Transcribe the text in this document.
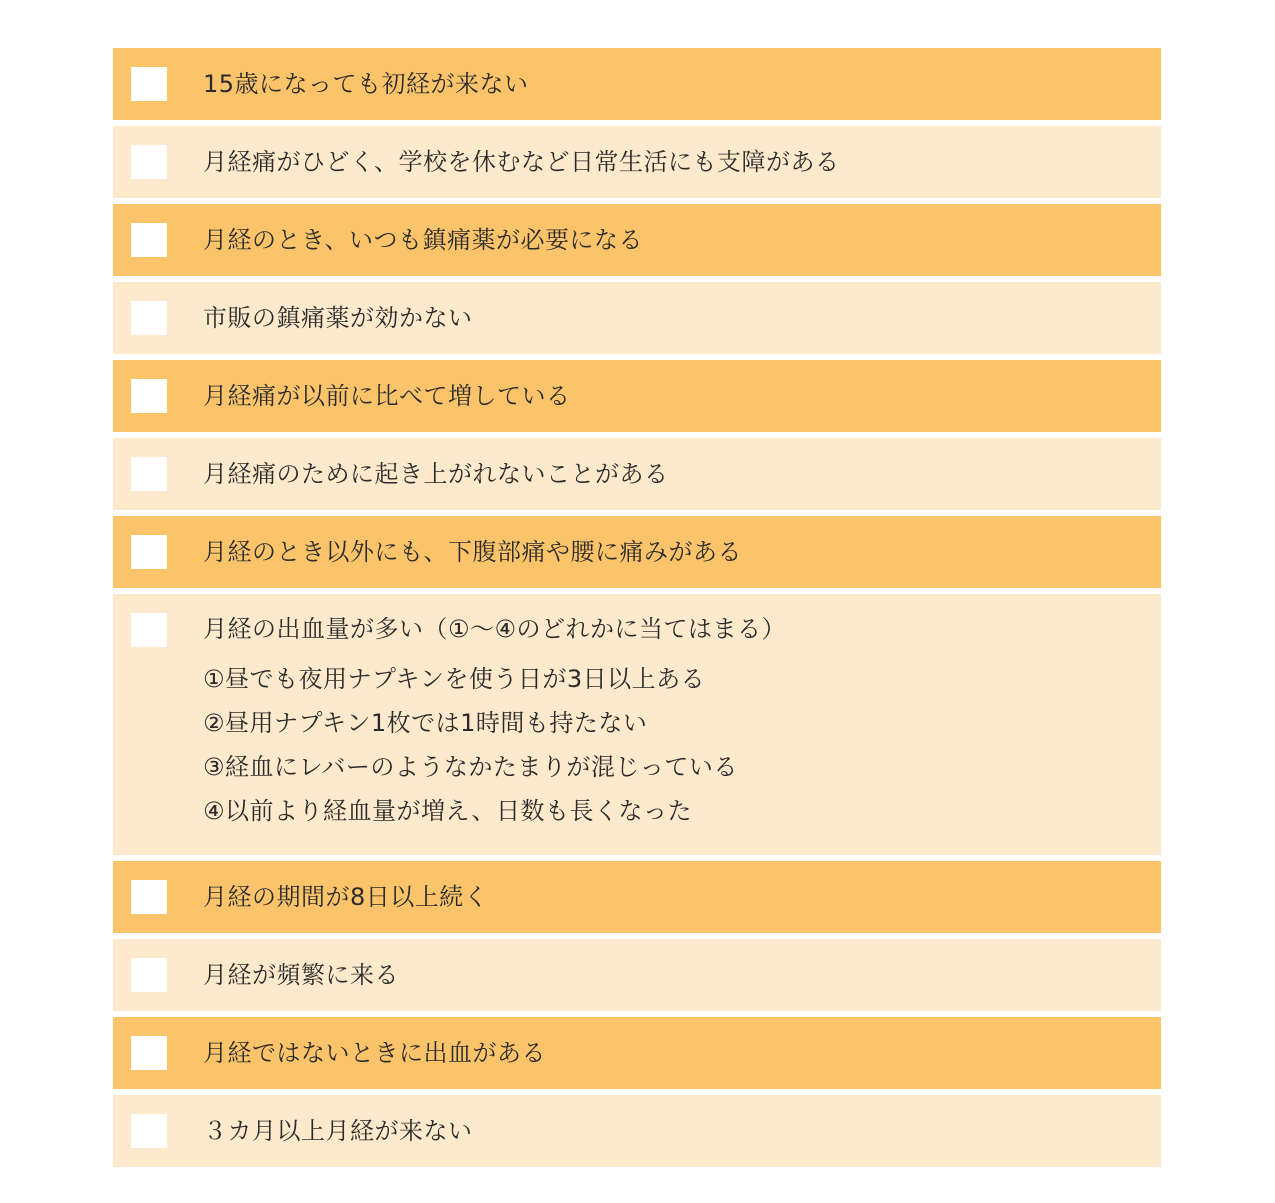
15歳になっても初経が来ない
月経痛がひどく、学校を休むなど日常生活にも支障がある
月経のとき、いつも鎮痛薬が必要になる
市販の鎮痛薬が効かない
月経痛が以前に比べて増している
月経痛のために起き上がれないことがある
月経のとき以外にも、下腹部痛や腰に痛みがある
月経の出血量が多い（①〜④のどれかに当てはまる）
①昼でも夜用ナプキンを使う日が3日以上ある
②昼用ナプキン1枚では1時間も持たない
③経血にレバーのようなかたまりが混じっている
④以前より経血量が増え、日数も長くなった
月経の期間が8日以上続く
月経が頻繁に来る
月経ではないときに出血がある
３カ月以上月経が来ない
